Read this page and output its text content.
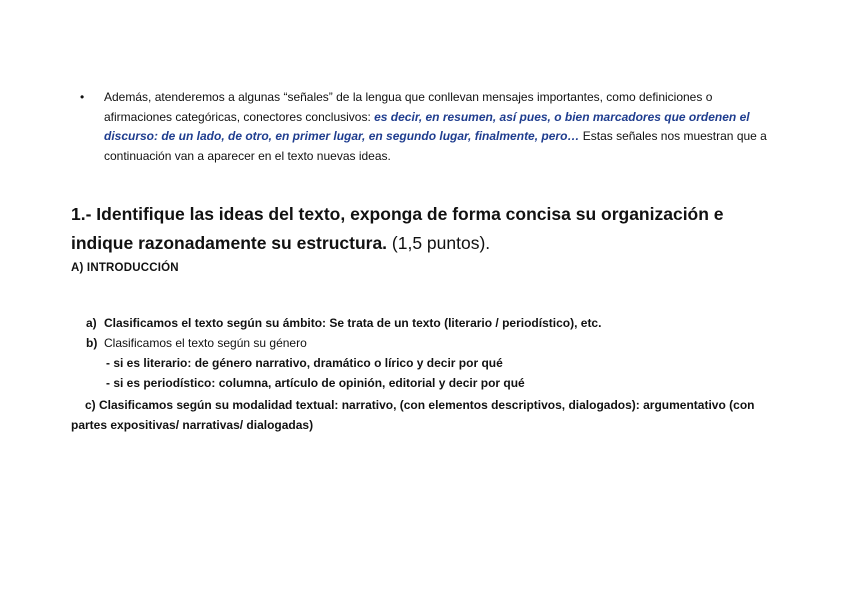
•	Además, atenderemos a algunas “señales” de la lengua que conllevan mensajes importantes, como definiciones o afirmaciones categóricas, conectores conclusivos: es decir, en resumen, así pues, o bien marcadores que ordenen el discurso: de un lado, de otro, en primer lugar, en segundo lugar, finalmente, pero… Estas señales nos muestran que a continuación van a aparecer en el texto nuevas ideas.
1.- Identifique las ideas del texto, exponga de forma concisa su organización e indique razonadamente su estructura. (1,5 puntos).
A) INTRODUCCIÓN
a) Clasificamos el texto según su ámbito: Se trata de un texto (literario / periodístico), etc.
b) Clasificamos el texto según su género
- si es literario: de género narrativo, dramático o lírico y decir por qué
- si es periodístico: columna, artículo de opinión, editorial y decir por qué
c) Clasificamos según su modalidad textual: narrativo, (con elementos descriptivos, dialogados): argumentativo (con partes expositivas/ narrativas/ dialogadas)
